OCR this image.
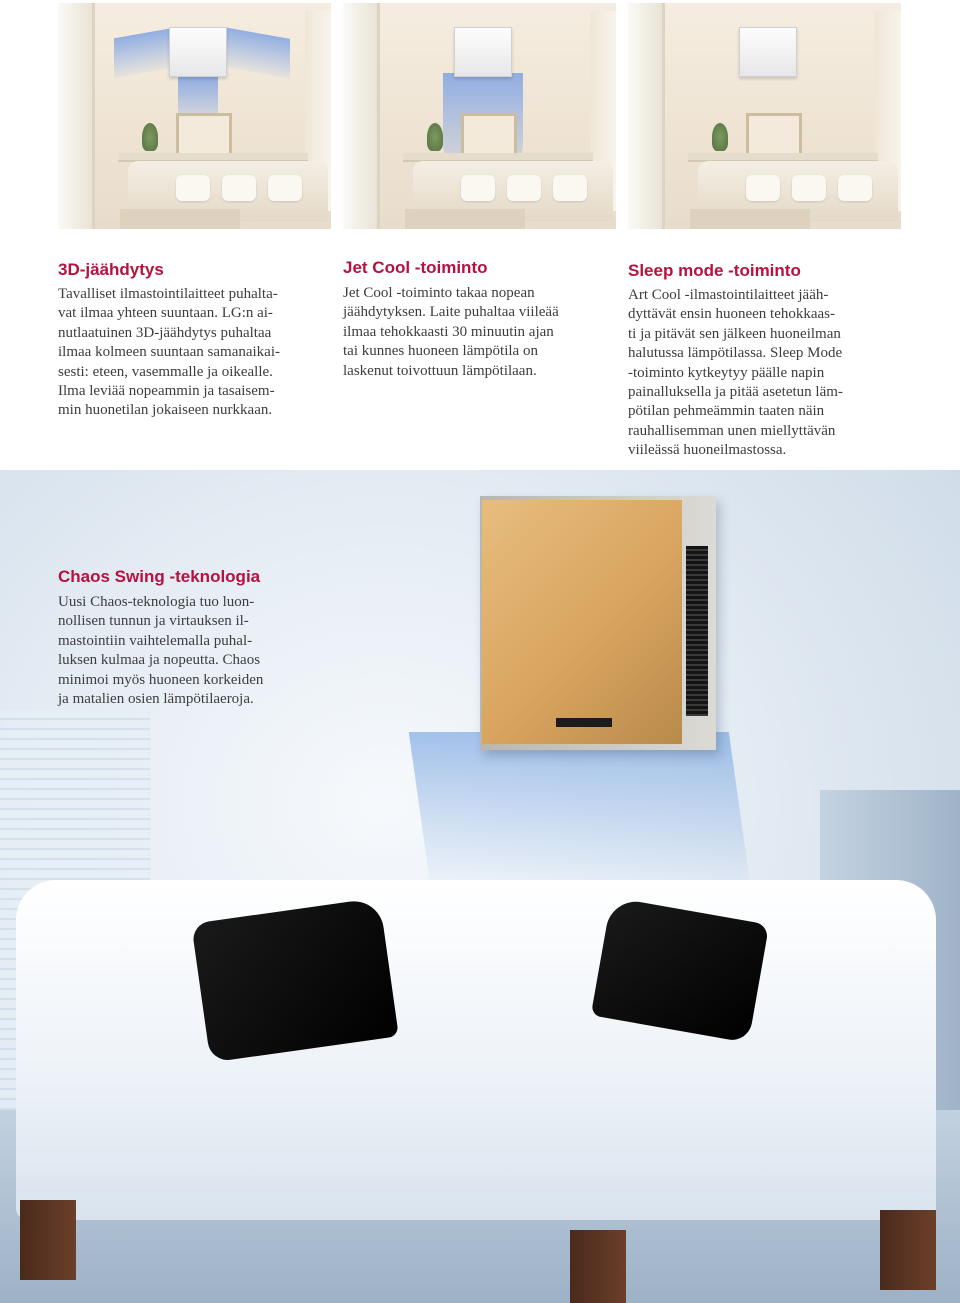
3D-jäähdytys

Tavalliset ilmastointilaitteet puhalta-
vat ilmaa yhteen suuntaan. LG:n ai-
nutlaatuinen 3D-jäähdytys puhaltaa
ilmaa kolmeen suuntaan samanaikai-
sesti: eteen, vasemmalle ja oikealle.
Ilma leviää nopeammin ja tasaisem-
min huonetilan jokaiseen nurkkaan.

Jet Cool -toiminto

Jet Cool -toiminto takaa nopean
jäähdytyksen. Laite puhaltaa viileää
ilmaa tehokkaasti 30 minuutin ajan
tai kunnes huoneen lämpötila on
laskenut toivottuun lämpötilaan.

Sleep mode -toiminto

Art Cool -ilmastointilaitteet jääh-
dyttävät ensin huoneen tehokkaas-
ti ja pitävät sen jälkeen huoneilman
halutussa lämpötilassa. Sleep Mode
-toiminto kytkeytyy päälle napin
painalluksella ja pitää asetetun läm-
pötilan pehmeämmin taaten näin
rauhallisemman unen miellyttävän
viileässä huoneilmastossa.

Chaos Swing -teknologia

Uusi Chaos-teknologia tuo luon-
nollisen tunnun ja virtauksen il-
mastointiin vaihtelemalla puhal-
luksen kulmaa ja nopeutta. Chaos
minimoi myös huoneen korkeiden
ja matalien osien lämpötilaeroja.
